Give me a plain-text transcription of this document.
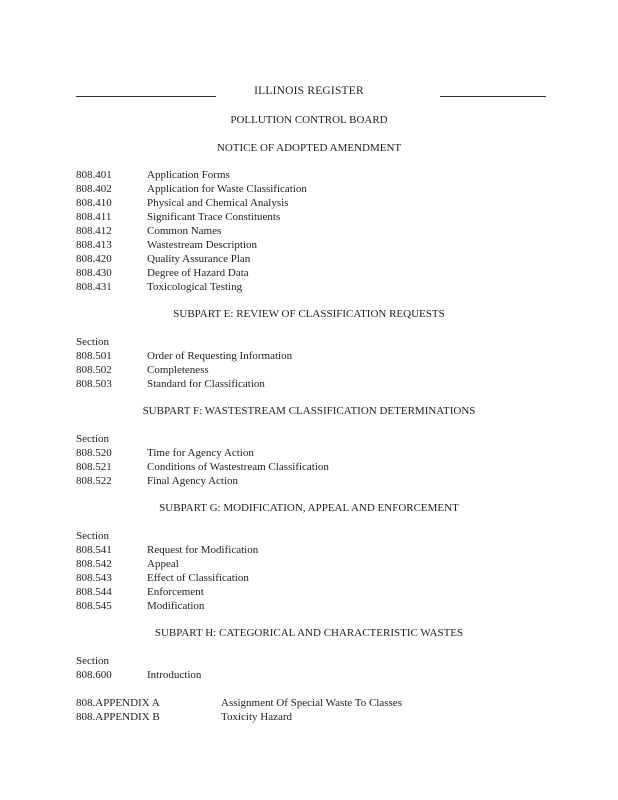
ILLINOIS REGISTER
POLLUTION CONTROL BOARD
NOTICE OF ADOPTED AMENDMENT
808.401	Application Forms
808.402	Application for Waste Classification
808.410	Physical and Chemical Analysis
808.411	Significant Trace Constituents
808.412	Common Names
808.413	Wastestream Description
808.420	Quality Assurance Plan
808.430	Degree of Hazard Data
808.431	Toxicological Testing
SUBPART E: REVIEW OF CLASSIFICATION REQUESTS
Section
808.501	Order of Requesting Information
808.502	Completeness
808.503	Standard for Classification
SUBPART F: WASTESTREAM CLASSIFICATION DETERMINATIONS
Section
808.520	Time for Agency Action
808.521	Conditions of Wastestream Classification
808.522	Final Agency Action
SUBPART G: MODIFICATION, APPEAL AND ENFORCEMENT
Section
808.541	Request for Modification
808.542	Appeal
808.543	Effect of Classification
808.544	Enforcement
808.545	Modification
SUBPART H: CATEGORICAL AND CHARACTERISTIC WASTES
Section
808.600	Introduction
808.APPENDIX A	Assignment Of Special Waste To Classes
808.APPENDIX B	Toxicity Hazard
